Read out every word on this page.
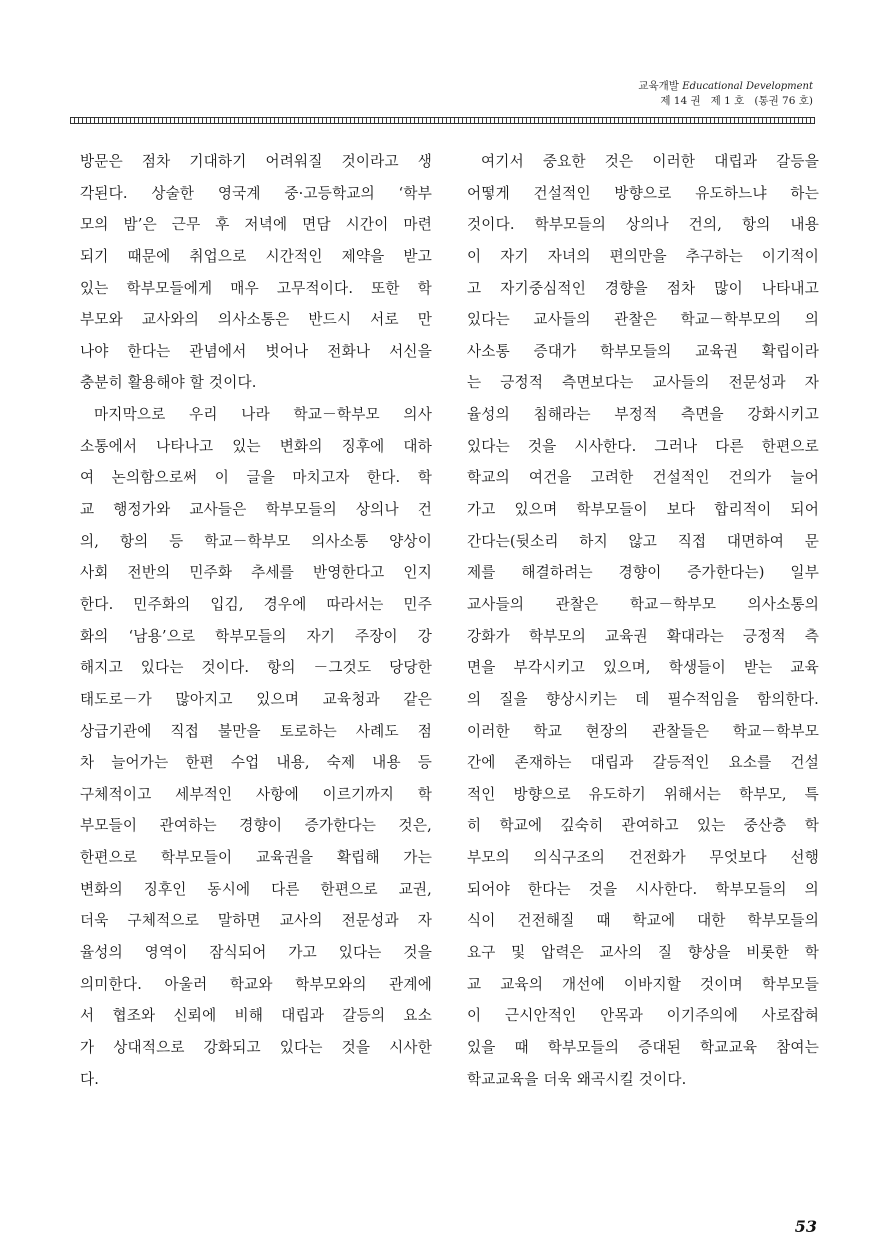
교육개발 Educational Development
제 14 권 제 1 호 (통권 76 호)
방문은 점차 기대하기 어려워질 것이라고 생
각된다. 상술한 영국계 중·고등학교의 ‘학부
모의 밤’은 근무 후 저녁에 면담 시간이 마련
되기 때문에 취업으로 시간적인 제약을 받고
있는 학부모들에게 매우 고무적이다. 또한 학
부모와 교사와의 의사소통은 반드시 서로 만
나야 한다는 관념에서 벗어나 전화나 서신을
충분히 활용해야 할 것이다.
마지막으로 우리 나라 학교－학부모 의사
소통에서 나타나고 있는 변화의 징후에 대하
여 논의함으로써 이 글을 마치고자 한다. 학
교 행정가와 교사들은 학부모들의 상의나 건
의, 항의 등 학교－학부모 의사소통 양상이
사회 전반의 민주화 추세를 반영한다고 인지
한다. 민주화의 입김, 경우에 따라서는 민주
화의 ‘남용’으로 학부모들의 자기 주장이 강
해지고 있다는 것이다. 항의 －그것도 당당한
태도로－가 많아지고 있으며 교육청과 같은
상급기관에 직접 불만을 토로하는 사례도 점
차 늘어가는 한편 수업 내용, 숙제 내용 등
구체적이고 세부적인 사항에 이르기까지 학
부모들이 관여하는 경향이 증가한다는 것은,
한편으로 학부모들이 교육권을 확립해 가는
변화의 징후인 동시에 다른 한편으로 교권,
더욱 구체적으로 말하면 교사의 전문성과 자
율성의 영역이 잠식되어 가고 있다는 것을
의미한다. 아울러 학교와 학부모와의 관계에
서 협조와 신뢰에 비해 대립과 갈등의 요소
가 상대적으로 강화되고 있다는 것을 시사한
다.
여기서 중요한 것은 이러한 대립과 갈등을
어떻게 건설적인 방향으로 유도하느냐 하는
것이다. 학부모들의 상의나 건의, 항의 내용
이 자기 자녀의 편의만을 추구하는 이기적이
고 자기중심적인 경향을 점차 많이 나타내고
있다는 교사들의 관찰은 학교－학부모의 의
사소통 증대가 학부모들의 교육권 확립이라
는 긍정적 측면보다는 교사들의 전문성과 자
율성의 침해라는 부정적 측면을 강화시키고
있다는 것을 시사한다. 그러나 다른 한편으로
학교의 여건을 고려한 건설적인 건의가 늘어
가고 있으며 학부모들이 보다 합리적이 되어
간다는(뒷소리 하지 않고 직접 대면하여 문
제를 해결하려는 경향이 증가한다는) 일부
교사들의 관찰은 학교－학부모 의사소통의
강화가 학부모의 교육권 확대라는 긍정적 측
면을 부각시키고 있으며, 학생들이 받는 교육
의 질을 향상시키는 데 필수적임을 함의한다.
이러한 학교 현장의 관찰들은 학교－학부모
간에 존재하는 대립과 갈등적인 요소를 건설
적인 방향으로 유도하기 위해서는 학부모, 특
히 학교에 깊숙히 관여하고 있는 중산층 학
부모의 의식구조의 건전화가 무엇보다 선행
되어야 한다는 것을 시사한다. 학부모들의 의
식이 건전해질 때 학교에 대한 학부모들의
요구 및 압력은 교사의 질 향상을 비롯한 학
교 교육의 개선에 이바지할 것이며 학부모들
이 근시안적인 안목과 이기주의에 사로잡혀
있을 때 학부모들의 증대된 학교교육 참여는
학교교육을 더욱 왜곡시킬 것이다.
53
